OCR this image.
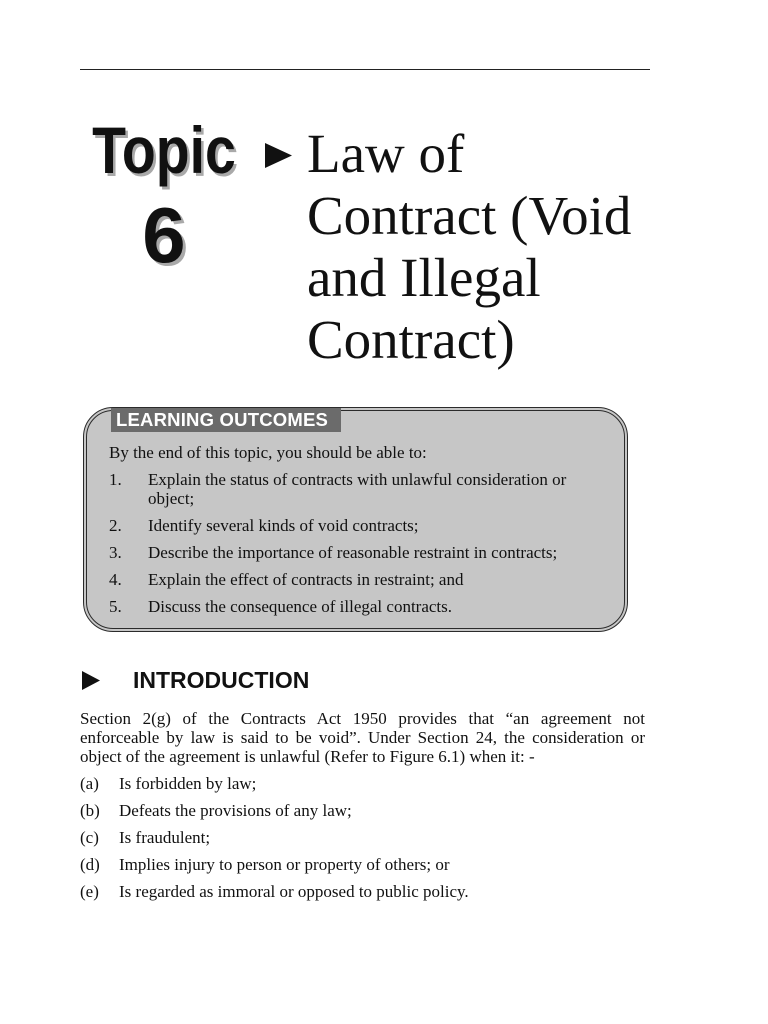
Topic
6
Law of
Contract (Void
and Illegal
Contract)
LEARNING OUTCOMES
By the end of this topic, you should be able to:
1.	Explain the status of contracts with unlawful consideration or object;
2.	Identify several kinds of void contracts;
3.	Describe the importance of reasonable restraint in contracts;
4.	Explain the effect of contracts in restraint; and
5.	Discuss the consequence of illegal contracts.
INTRODUCTION
Section 2(g) of the Contracts Act 1950 provides that “an agreement not
enforceable by law is said to be void”. Under Section 24, the consideration or
object of the agreement is unlawful (Refer to Figure 6.1) when it: -
(a)	Is forbidden by law;
(b)	Defeats the provisions of any law;
(c)	Is fraudulent;
(d)	Implies injury to person or property of others; or
(e)	Is regarded as immoral or opposed to public policy.
